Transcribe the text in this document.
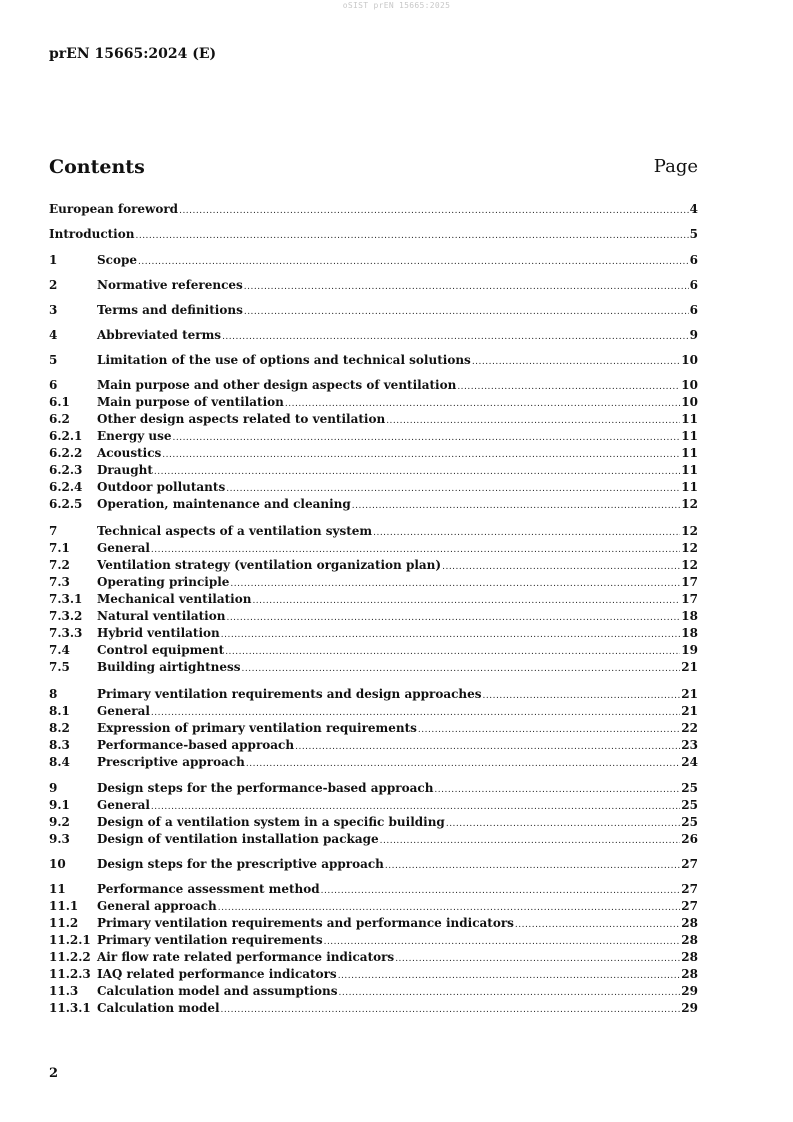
oSIST prEN 15665:2025
prEN 15665:2024 (E)
Contents	Page
European foreword .....	4
Introduction .....	5
1	Scope .....	6
2	Normative references .....	6
3	Terms and definitions .....	6
4	Abbreviated terms .....	9
5	Limitation of the use of options and technical solutions .....	10
6	Main purpose and other design aspects of ventilation .....	10
6.1	Main purpose of ventilation .....	10
6.2	Other design aspects related to ventilation .....	11
6.2.1	Energy use .....	11
6.2.2	Acoustics .....	11
6.2.3	Draught .....	11
6.2.4	Outdoor pollutants .....	11
6.2.5	Operation, maintenance and cleaning .....	12
7	Technical aspects of a ventilation system .....	12
7.1	General .....	12
7.2	Ventilation strategy (ventilation organization plan) .....	12
7.3	Operating principle .....	17
7.3.1	Mechanical ventilation .....	17
7.3.2	Natural ventilation .....	18
7.3.3	Hybrid ventilation .....	18
7.4	Control equipment .....	19
7.5	Building airtightness .....	21
8	Primary ventilation requirements and design approaches .....	21
8.1	General .....	21
8.2	Expression of primary ventilation requirements .....	22
8.3	Performance-based approach .....	23
8.4	Prescriptive approach .....	24
9	Design steps for the performance-based approach .....	25
9.1	General .....	25
9.2	Design of a ventilation system in a specific building .....	25
9.3	Design of ventilation installation package .....	26
10	Design steps for the prescriptive approach .....	27
11	Performance assessment method .....	27
11.1	General approach .....	27
11.2	Primary ventilation requirements and performance indicators .....	28
11.2.1 Primary ventilation requirements .....	28
11.2.2 Air flow rate related performance indicators .....	28
11.2.3 IAQ related performance indicators .....	28
11.3	Calculation model and assumptions .....	29
11.3.1 Calculation model .....	29
2
